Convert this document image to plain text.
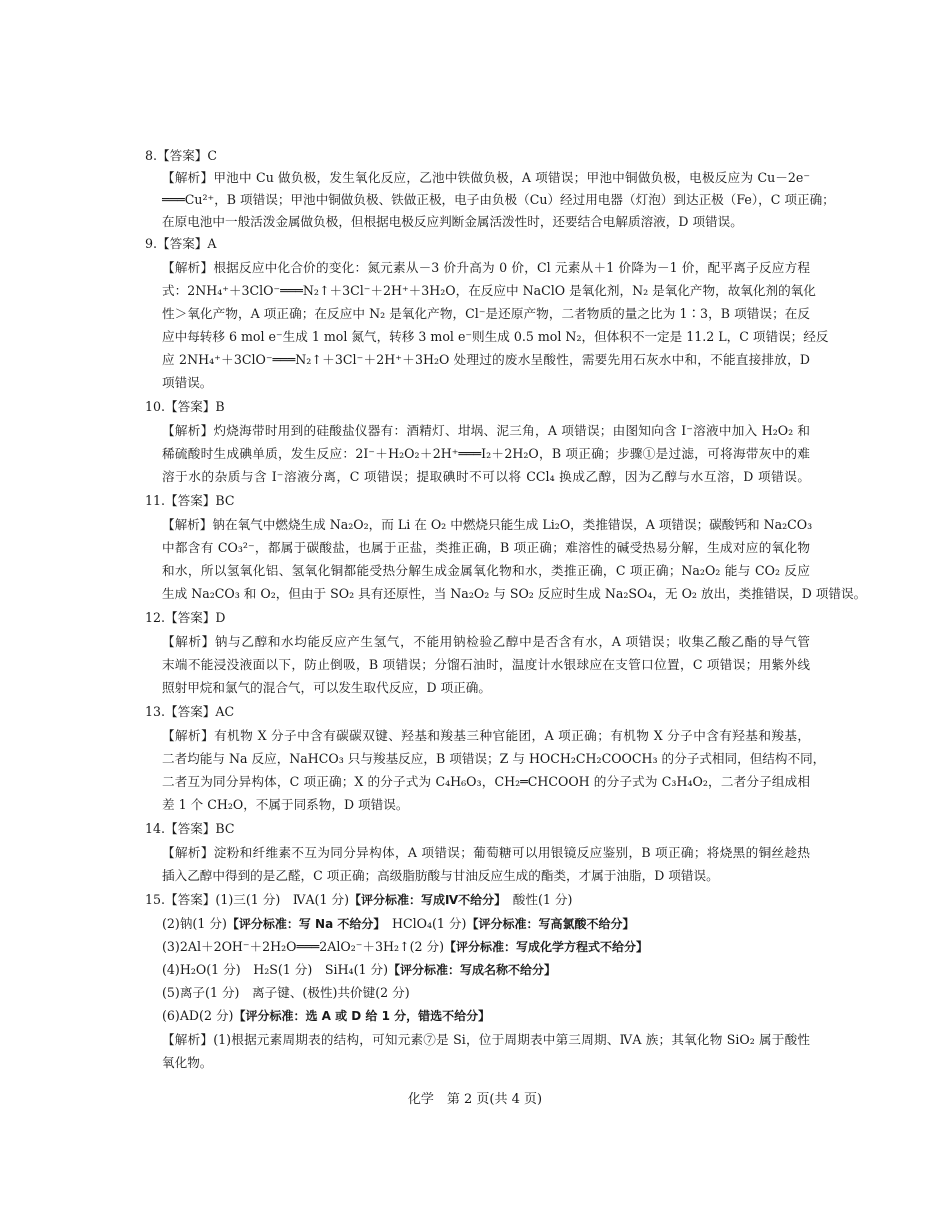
8.【答案】C
【解析】甲池中 Cu 做负极，发生氧化反应，乙池中铁做负极，A 项错误；甲池中铜做负极，电极反应为 Cu－2e⁻
═══Cu²⁺，B 项错误；甲池中铜做负极、铁做正极，电子由负极（Cu）经过用电器（灯泡）到达正极（Fe），C 项正确；
在原电池中一般活泼金属做负极，但根据电极反应判断金属活泼性时，还要结合电解质溶液，D 项错误。
9.【答案】A
【解析】根据反应中化合价的变化：氮元素从－3 价升高为 0 价，Cl 元素从＋1 价降为－1 价，配平离子反应方程
式：2NH₄⁺＋3ClO⁻═══N₂↑＋3Cl⁻＋2H⁺＋3H₂O，在反应中 NaClO 是氧化剂，N₂ 是氧化产物，故氧化剂的氧化
性＞氧化产物，A 项正确；在反应中 N₂ 是氧化产物，Cl⁻是还原产物，二者物质的量之比为 1∶3，B 项错误；在反
应中每转移 6 mol e⁻生成 1 mol 氮气，转移 3 mol e⁻则生成 0.5 mol N₂，但体积不一定是 11.2 L，C 项错误；经反
应 2NH₄⁺＋3ClO⁻═══N₂↑＋3Cl⁻＋2H⁺＋3H₂O 处理过的废水呈酸性，需要先用石灰水中和，不能直接排放，D
项错误。
10.【答案】B
【解析】灼烧海带时用到的硅酸盐仪器有：酒精灯、坩埚、泥三角，A 项错误；由图知向含 I⁻溶液中加入 H₂O₂ 和
稀硫酸时生成碘单质，发生反应：2I⁻＋H₂O₂＋2H⁺═══I₂＋2H₂O，B 项正确；步骤①是过滤，可将海带灰中的难
溶于水的杂质与含 I⁻溶液分离，C 项错误；提取碘时不可以将 CCl₄ 换成乙醇，因为乙醇与水互溶，D 项错误。
11.【答案】BC
【解析】钠在氧气中燃烧生成 Na₂O₂，而 Li 在 O₂ 中燃烧只能生成 Li₂O，类推错误，A 项错误；碳酸钙和 Na₂CO₃
中都含有 CO₃²⁻，都属于碳酸盐，也属于正盐，类推正确，B 项正确；难溶性的碱受热易分解，生成对应的氧化物
和水，所以氢氧化铝、氢氧化铜都能受热分解生成金属氧化物和水，类推正确，C 项正确；Na₂O₂ 能与 CO₂ 反应
生成 Na₂CO₃ 和 O₂，但由于 SO₂ 具有还原性，当 Na₂O₂ 与 SO₂ 反应时生成 Na₂SO₄，无 O₂ 放出，类推错误，D 项错误。
12.【答案】D
【解析】钠与乙醇和水均能反应产生氢气，不能用钠检验乙醇中是否含有水，A 项错误；收集乙酸乙酯的导气管
末端不能浸没液面以下，防止倒吸，B 项错误；分馏石油时，温度计水银球应在支管口位置，C 项错误；用紫外线
照射甲烷和氯气的混合气，可以发生取代反应，D 项正确。
13.【答案】AC
【解析】有机物 X 分子中含有碳碳双键、羟基和羧基三种官能团，A 项正确；有机物 X 分子中含有羟基和羧基，
二者均能与 Na 反应，NaHCO₃ 只与羧基反应，B 项错误；Z 与 HOCH₂CH₂COOCH₃ 的分子式相同，但结构不同，
二者互为同分异构体，C 项正确；X 的分子式为 C₄H₆O₃，CH₂═CHCOOH 的分子式为 C₃H₄O₂，二者分子组成相
差 1 个 CH₂O，不属于同系物，D 项错误。
14.【答案】BC
【解析】淀粉和纤维素不互为同分异构体，A 项错误；葡萄糖可以用银镜反应鉴别，B 项正确；将烧黑的铜丝趁热
插入乙醇中得到的是乙醛，C 项正确；高级脂肪酸与甘油反应生成的酯类，才属于油脂，D 项错误。
15.【答案】(1)三(1 分)　ⅣA(1 分)【评分标准：写成Ⅳ不给分】　酸性(1 分)
(2)钠(1 分)【评分标准：写 Na 不给分】　HClO₄(1 分)【评分标准：写高氯酸不给分】
(3)2Al＋2OH⁻＋2H₂O═══2AlO₂⁻＋3H₂↑(2 分)【评分标准：写成化学方程式不给分】
(4)H₂O(1 分)　H₂S(1 分)　SiH₄(1 分)【评分标准：写成名称不给分】
(5)离子(1 分)　离子键、(极性)共价键(2 分)
(6)AD(2 分)【评分标准：选 A 或 D 给 1 分，错选不给分】
【解析】(1)根据元素周期表的结构，可知元素⑦是 Si，位于周期表中第三周期、ⅣA 族；其氧化物 SiO₂ 属于酸性
氧化物。
化学　第 2 页(共 4 页)
